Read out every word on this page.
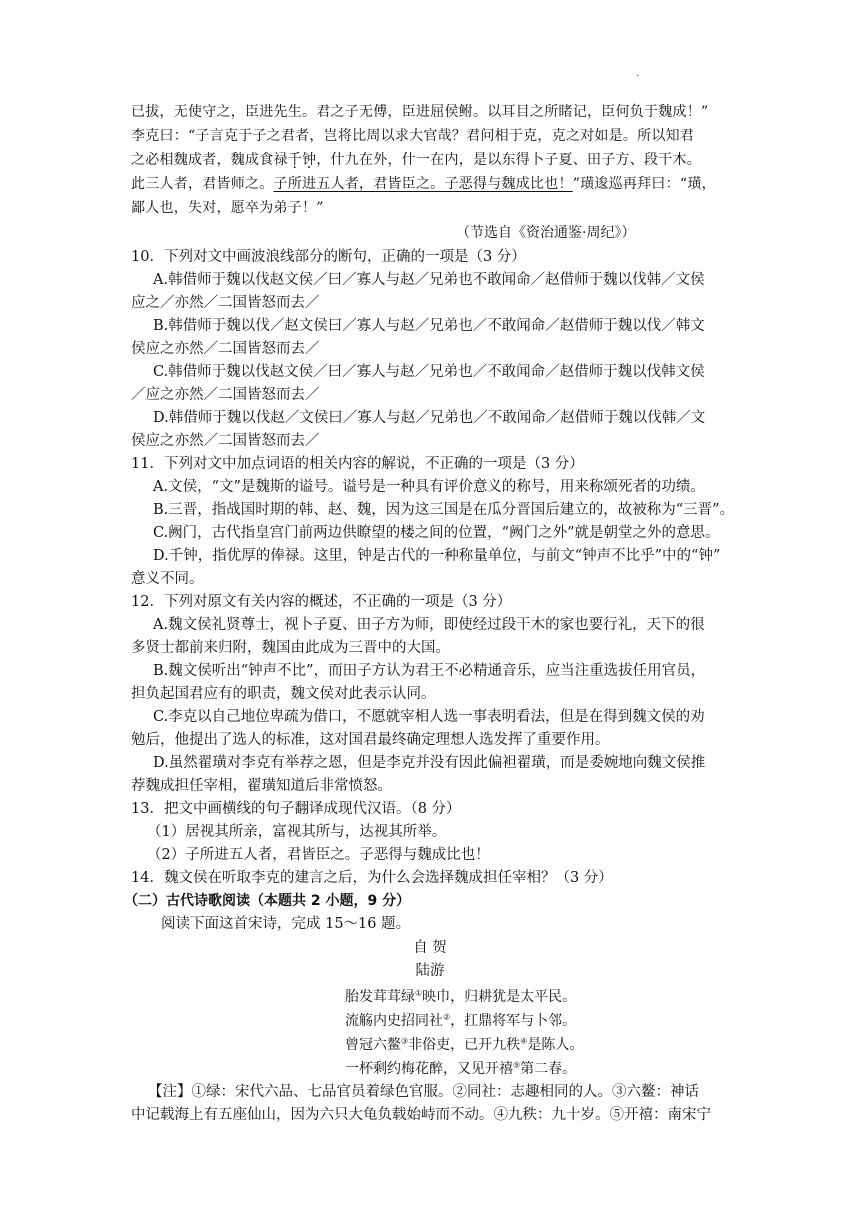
.
已拔，无使守之，臣进先生。君之子无傅，臣进屈侯鲋。以耳目之所睹记，臣何负于魏成！”
李克曰：“子言克于子之君者，岂将比周以求大官哉？君问相于克，克之对如是。所以知君
之必相魏成者，魏成食禄千钟，什九在外，什一在内，是以东得卜子夏、田子方、段干木。
此三人者，君皆师之。子所进五人者，君皆臣之。子恶得与魏成比也！”璜逡巡再拜曰：“璜，
鄙人也，失对，愿卒为弟子！”
（节选自《资治通鉴·周纪》）
10．下列对文中画波浪线部分的断句，正确的一项是（3 分）
A.韩借师于魏以伐赵文侯／曰／寡人与赵／兄弟也不敢闻命／赵借师于魏以伐韩／文侯
应之／亦然／二国皆怒而去／
B.韩借师于魏以伐／赵文侯曰／寡人与赵／兄弟也／不敢闻命／赵借师于魏以伐／韩文
侯应之亦然／二国皆怒而去／
C.韩借师于魏以伐赵文侯／曰／寡人与赵／兄弟也／不敢闻命／赵借师于魏以伐韩文侯
／应之亦然／二国皆怒而去／
D.韩借师于魏以伐赵／文侯曰／寡人与赵／兄弟也／不敢闻命／赵借师于魏以伐韩／文
侯应之亦然／二国皆怒而去／
11．下列对文中加点词语的相关内容的解说，不正确的一项是（3 分）
A.文侯，“文”是魏斯的谥号。谥号是一种具有评价意义的称号，用来称颂死者的功绩。
B.三晋，指战国时期的韩、赵、魏，因为这三国是在瓜分晋国后建立的，故被称为“三晋”。
C.阙门，古代指皇宫门前两边供瞭望的楼之间的位置，“阙门之外”就是朝堂之外的意思。
D.千钟，指优厚的俸禄。这里，钟是古代的一种称量单位，与前文“钟声不比乎”中的“钟”
意义不同。
12．下列对原文有关内容的概述，不正确的一项是（3 分）
A.魏文侯礼贤尊士，视卜子夏、田子方为师，即使经过段干木的家也要行礼，天下的很
多贤士都前来归附，魏国由此成为三晋中的大国。
B.魏文侯听出“钟声不比”，而田子方认为君王不必精通音乐，应当注重选拔任用官员，
担负起国君应有的职责，魏文侯对此表示认同。
C.李克以自己地位卑疏为借口，不愿就宰相人选一事表明看法，但是在得到魏文侯的劝
勉后，他提出了选人的标准，这对国君最终确定理想人选发挥了重要作用。
D.虽然翟璜对李克有举荐之恩，但是李克并没有因此偏袒翟璜，而是委婉地向魏文侯推
荐魏成担任宰相，翟璜知道后非常愤怒。
13．把文中画横线的句子翻译成现代汉语。（8 分）
（1）居视其所亲，富视其所与，达视其所举。
（2）子所进五人者，君皆臣之。子恶得与魏成比也！
14．魏文侯在听取李克的建言之后，为什么会选择魏成担任宰相？（3 分）
（二）古代诗歌阅读（本题共 2 小题，9 分）
阅读下面这首宋诗，完成 15～16 题。
自 贺
陆游
胎发茸茸绿①映巾，归耕犹是太平民。
流觞内史招同社②，扛鼎将军与卜邻。
曾冠六鳌③非俗吏，已开九秩④是陈人。
一杯剩约梅花醉，又见开禧⑤第二春。
【注】①绿：宋代六品、七品官员着绿色官服。②同社：志趣相同的人。③六鳌：神话
中记载海上有五座仙山，因为六只大龟负载始峙而不动。④九秩：九十岁。⑤开禧：南宋宁
